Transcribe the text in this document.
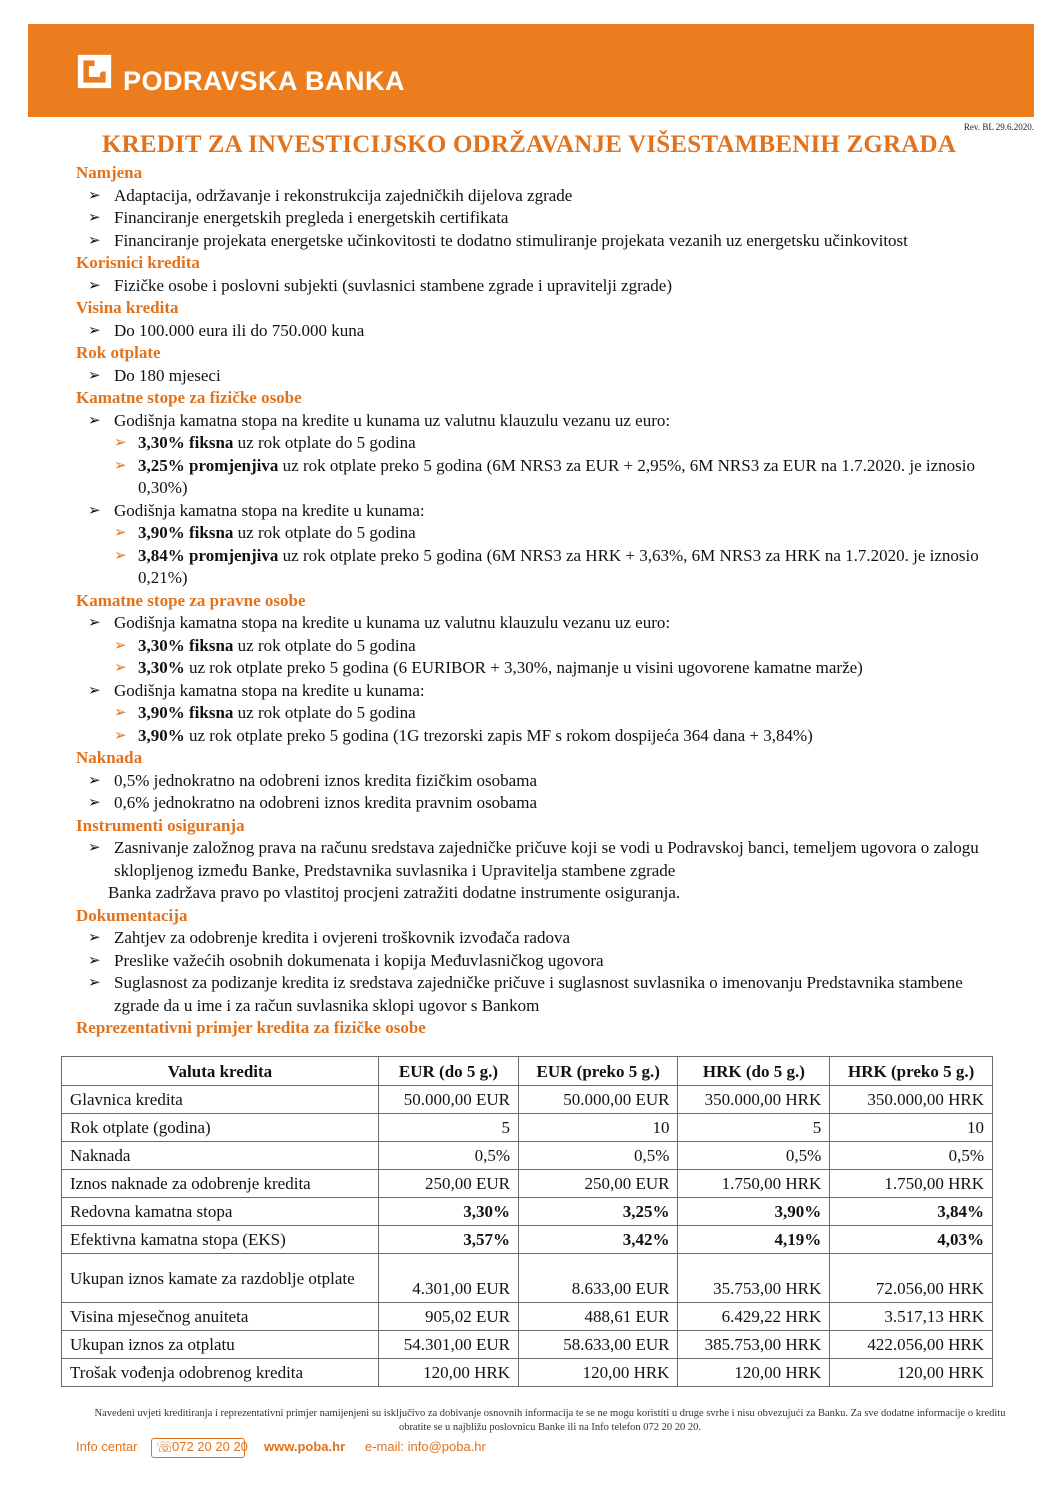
PODRAVSKA BANKA
Rev. BL 29.6.2020.
KREDIT ZA INVESTICIJSKO ODRŽAVANJE VIŠESTAMBENIH ZGRADA
Namjena
➢ Adaptacija, održavanje i rekonstrukcija zajedničkih dijelova zgrade
➢ Financiranje energetskih pregleda i energetskih certifikata
➢ Financiranje projekata energetske učinkovitosti te dodatno stimuliranje projekata vezanih uz energetsku učinkovitost
Korisnici kredita
➢ Fizičke osobe i poslovni subjekti (suvlasnici stambene zgrade i upravitelji zgrade)
Visina kredita
➢ Do 100.000 eura ili do 750.000 kuna
Rok otplate
➢ Do 180 mjeseci
Kamatne stope za fizičke osobe
➢ Godišnja kamatna stopa na kredite u kunama uz valutnu klauzulu vezanu uz euro:
➢ 3,30% fiksna uz rok otplate do 5 godina
➢ 3,25% promjenjiva uz rok otplate preko 5 godina (6M NRS3 za EUR + 2,95%, 6M NRS3 za EUR na 1.7.2020. je iznosio 0,30%)
➢ Godišnja kamatna stopa na kredite u kunama:
➢ 3,90% fiksna uz rok otplate do 5 godina
➢ 3,84% promjenjiva uz rok otplate preko 5 godina (6M NRS3 za HRK + 3,63%, 6M NRS3 za HRK na 1.7.2020. je iznosio 0,21%)
Kamatne stope za pravne osobe
➢ Godišnja kamatna stopa na kredite u kunama uz valutnu klauzulu vezanu uz euro:
➢ 3,30% fiksna uz rok otplate do 5 godina
➢ 3,30% uz rok otplate preko 5 godina (6 EURIBOR + 3,30%, najmanje u visini ugovorene kamatne marže)
➢ Godišnja kamatna stopa na kredite u kunama:
➢ 3,90% fiksna uz rok otplate do 5 godina
➢ 3,90% uz rok otplate preko 5 godina (1G trezorski zapis MF s rokom dospijeća 364 dana + 3,84%)
Naknada
➢ 0,5% jednokratno na odobreni iznos kredita fizičkim osobama
➢ 0,6% jednokratno na odobreni iznos kredita pravnim osobama
Instrumenti osiguranja
➢ Zasnivanje založnog prava na računu sredstava zajedničke pričuve koji se vodi u Podravskoj banci, temeljem ugovora o zalogu sklopljenog između Banke, Predstavnika suvlasnika i Upravitelja stambene zgrade
Banka zadržava pravo po vlastitoj procjeni zatražiti dodatne instrumente osiguranja.
Dokumentacija
➢ Zahtjev za odobrenje kredita i ovjereni troškovnik izvođača radova
➢ Preslike važećih osobnih dokumenata i kopija Međuvlasničkog ugovora
➢ Suglasnost za podizanje kredita iz sredstava zajedničke pričuve i suglasnost suvlasnika o imenovanju Predstavnika stambene zgrade da u ime i za račun suvlasnika sklopi ugovor s Bankom
Reprezentativni primjer kredita za fizičke osobe
Valuta kredita	EUR (do 5 g.)	EUR (preko 5 g.)	HRK (do 5 g.)	HRK (preko 5 g.)
Glavnica kredita	50.000,00 EUR	50.000,00 EUR	350.000,00 HRK	350.000,00 HRK
Rok otplate (godina)	5	10	5	10
Naknada	0,5%	0,5%	0,5%	0,5%
Iznos naknade za odobrenje kredita	250,00 EUR	250,00 EUR	1.750,00 HRK	1.750,00 HRK
Redovna kamatna stopa	3,30%	3,25%	3,90%	3,84%
Efektivna kamatna stopa (EKS)	3,57%	3,42%	4,19%	4,03%
Ukupan iznos kamate za razdoblje otplate	4.301,00 EUR	8.633,00 EUR	35.753,00 HRK	72.056,00 HRK
Visina mjesečnog anuiteta	905,02 EUR	488,61 EUR	6.429,22 HRK	3.517,13 HRK
Ukupan iznos za otplatu	54.301,00 EUR	58.633,00 EUR	385.753,00 HRK	422.056,00 HRK
Trošak vođenja odobrenog kredita	120,00 HRK	120,00 HRK	120,00 HRK	120,00 HRK
Navedeni uvjeti kreditiranja i reprezentativni primjer namijenjeni su isključivo za dobivanje osnovnih informacija te se ne mogu koristiti u druge svrhe i nisu obvezujući za Banku. Za sve dodatne informacije o kreditu obratite se u najbližu poslovnicu Banke ili na Info telefon 072 20 20 20.
Info centar ☏
072 20 20 20 www.poba.hr e-mail: info@poba.hr
